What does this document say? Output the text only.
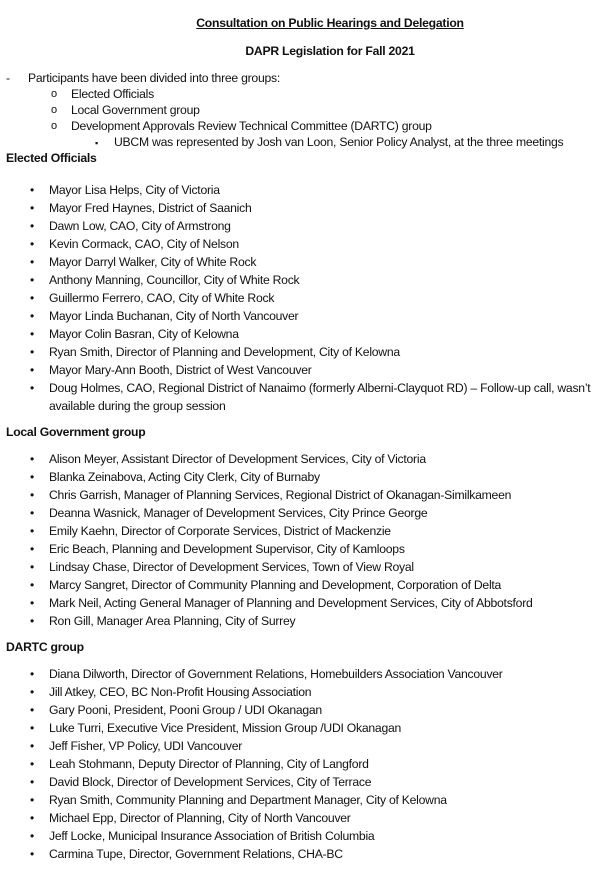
Consultation on Public Hearings and Delegation
DAPR Legislation for Fall 2021
- Participants have been divided into three groups:
o Elected Officials
o Local Government group
o Development Approvals Review Technical Committee (DARTC) group
▪ UBCM was represented by Josh van Loon, Senior Policy Analyst, at the three meetings
Elected Officials
• Mayor Lisa Helps, City of Victoria
• Mayor Fred Haynes, District of Saanich
• Dawn Low, CAO, City of Armstrong
• Kevin Cormack, CAO, City of Nelson
• Mayor Darryl Walker, City of White Rock
• Anthony Manning, Councillor, City of White Rock
• Guillermo Ferrero, CAO, City of White Rock
• Mayor Linda Buchanan, City of North Vancouver
• Mayor Colin Basran, City of Kelowna
• Ryan Smith, Director of Planning and Development, City of Kelowna
• Mayor Mary-Ann Booth, District of West Vancouver
• Doug Holmes, CAO, Regional District of Nanaimo (formerly Alberni-Clayquot RD) – Follow-up call, wasn’t available during the group session
Local Government group
• Alison Meyer, Assistant Director of Development Services, City of Victoria
• Blanka Zeinabova, Acting City Clerk, City of Burnaby
• Chris Garrish, Manager of Planning Services, Regional District of Okanagan-Similkameen
• Deanna Wasnick, Manager of Development Services, City Prince George
• Emily Kaehn, Director of Corporate Services, District of Mackenzie
• Eric Beach, Planning and Development Supervisor, City of Kamloops
• Lindsay Chase, Director of Development Services, Town of View Royal
• Marcy Sangret, Director of Community Planning and Development, Corporation of Delta
• Mark Neil, Acting General Manager of Planning and Development Services, City of Abbotsford
• Ron Gill, Manager Area Planning, City of Surrey
DARTC group
• Diana Dilworth, Director of Government Relations, Homebuilders Association Vancouver
• Jill Atkey, CEO, BC Non-Profit Housing Association
• Gary Pooni, President, Pooni Group / UDI Okanagan
• Luke Turri, Executive Vice President, Mission Group /UDI Okanagan
• Jeff Fisher, VP Policy, UDI Vancouver
• Leah Stohmann, Deputy Director of Planning, City of Langford
• David Block, Director of Development Services, City of Terrace
• Ryan Smith, Community Planning and Department Manager, City of Kelowna
• Michael Epp, Director of Planning, City of North Vancouver
• Jeff Locke, Municipal Insurance Association of British Columbia
• Carmina Tupe, Director, Government Relations, CHA-BC
